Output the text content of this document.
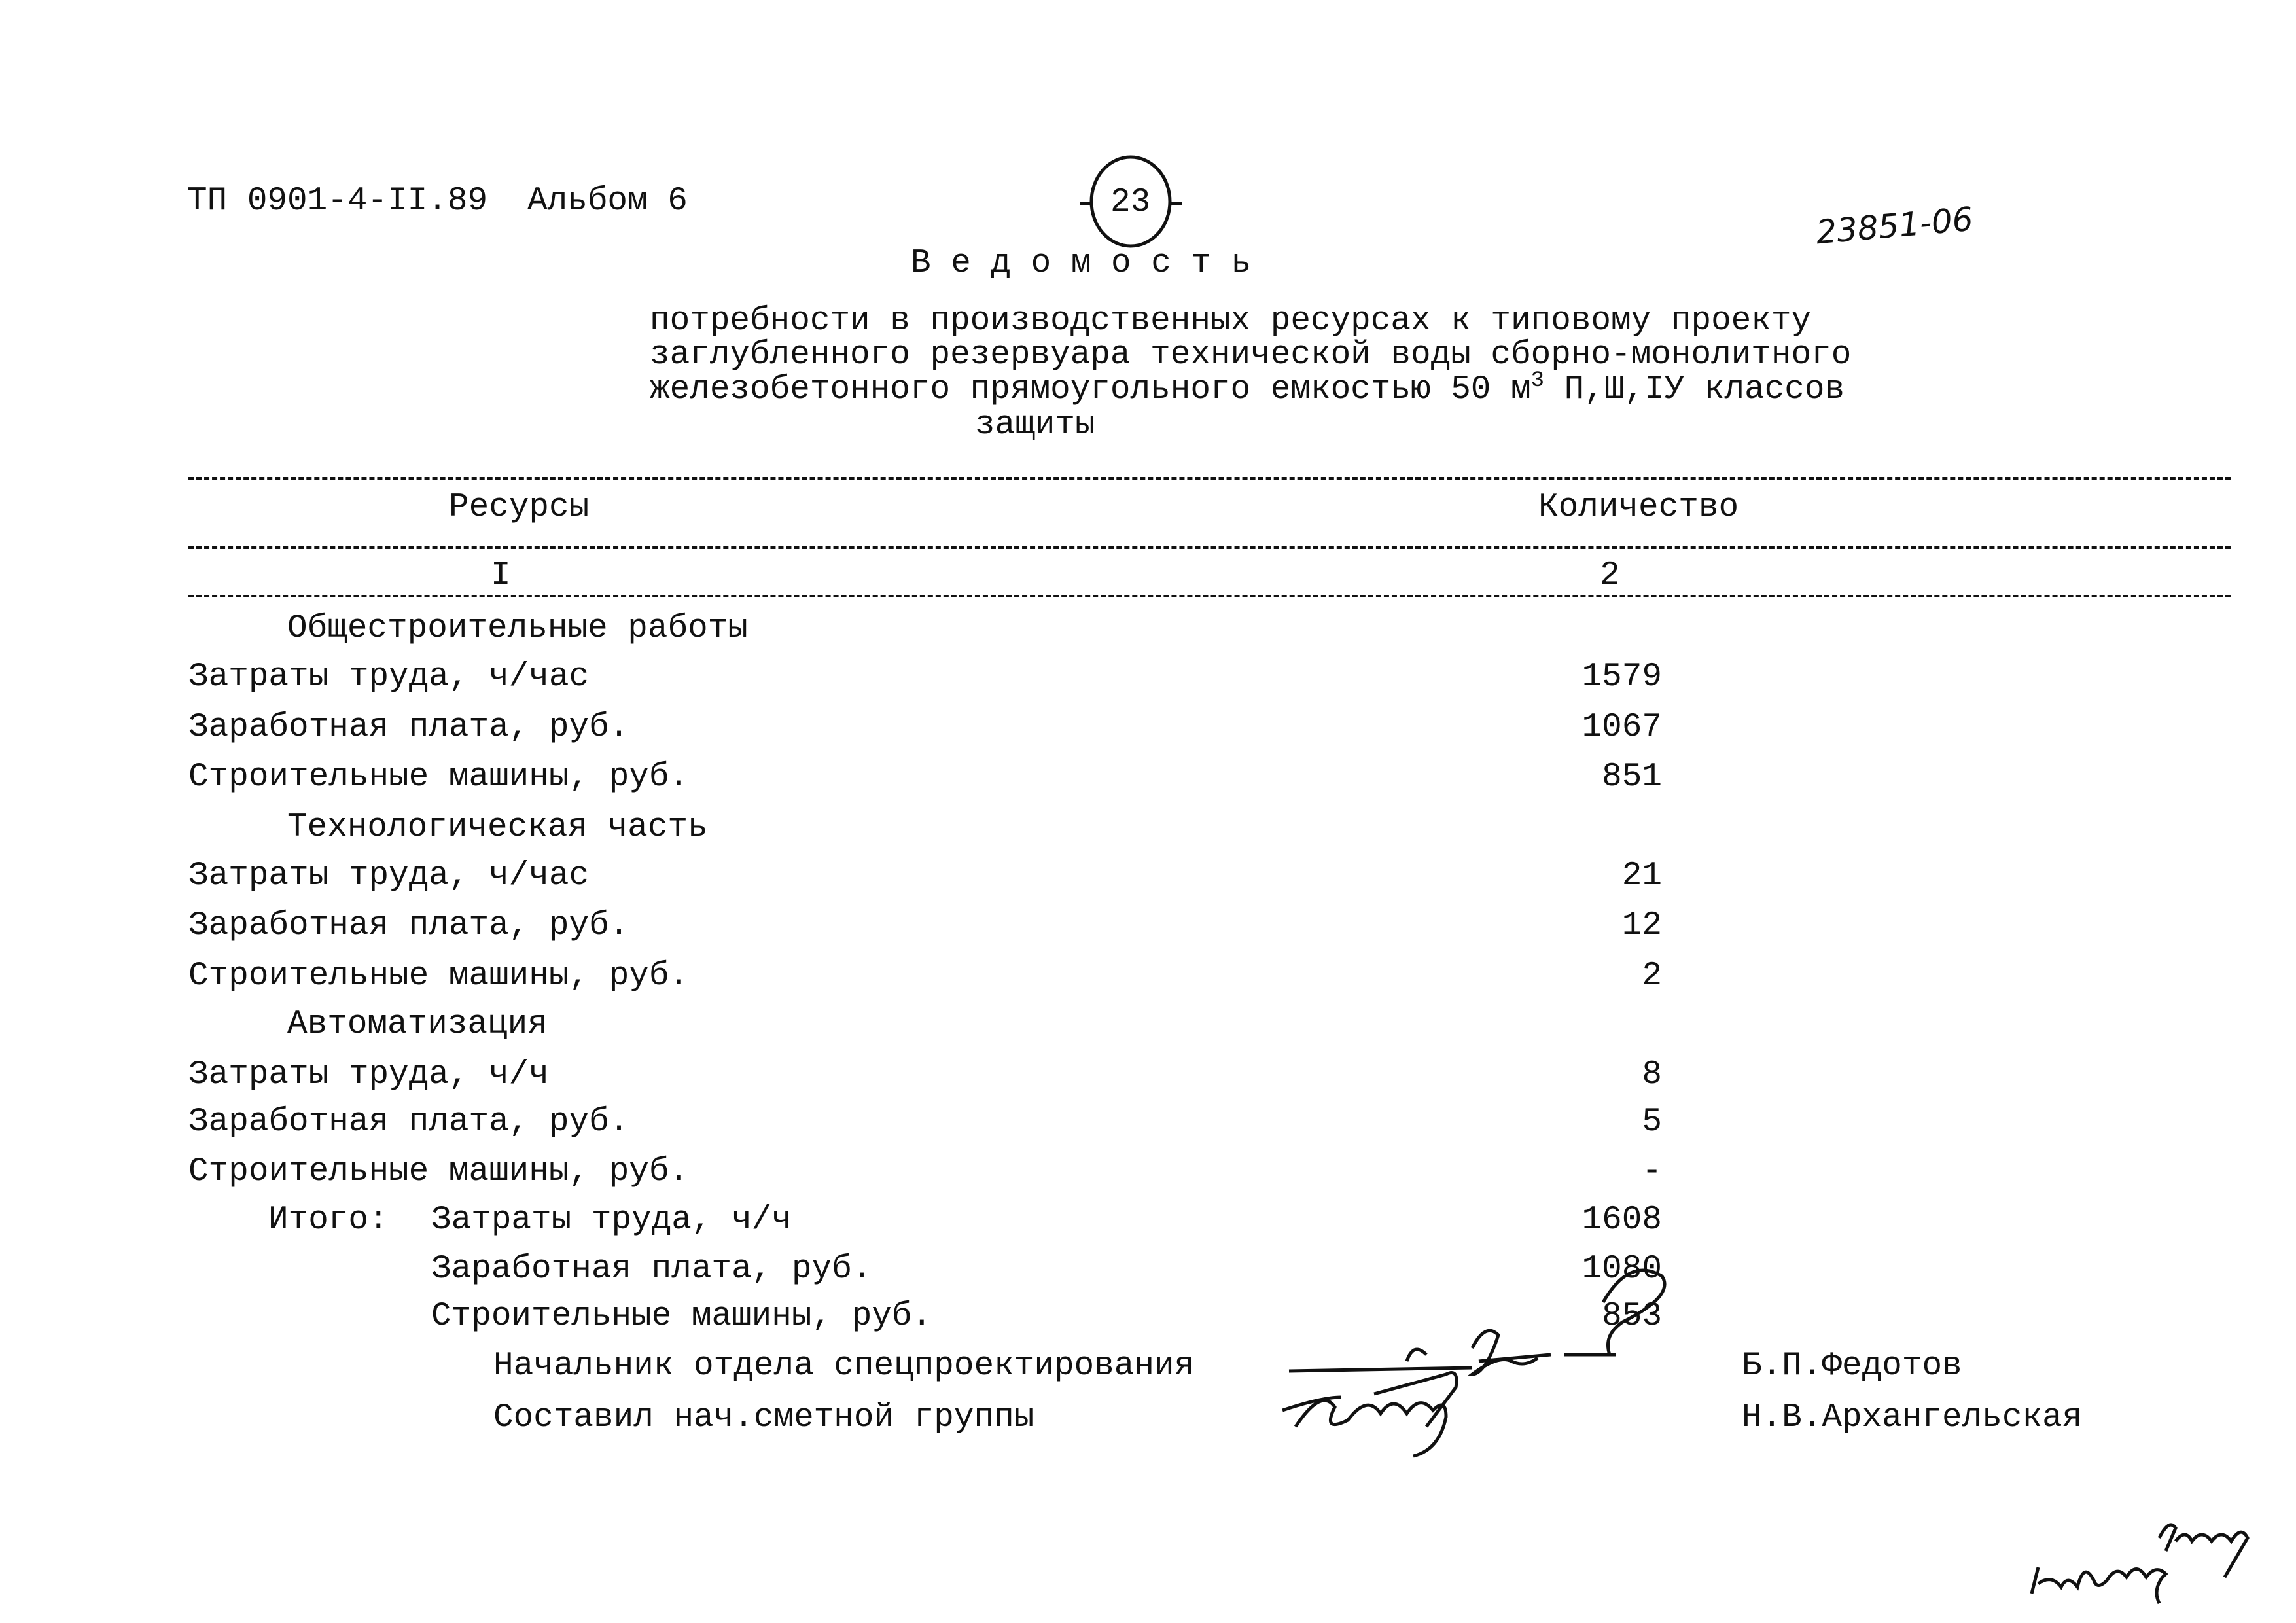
ТП 0901-4-II.89 Альбом 6	23	23851-06
В е д о м о с т ь
потребности в производственных ресурсах к типовому проекту
заглубленного резервуара технической воды сборно-монолитного
железобетонного прямоугольного емкостью 50 $м^3$ П,Ш,IУ классов
защиты
Ресурсы	Количество
I	2
Общестроительные работы
Затраты труда, ч/час	1579
Заработная плата, руб.	1067
Строительные машины, руб.	851
Технологическая часть
Затраты труда, ч/час	21
Заработная плата, руб.	12
Строительные машины, руб.	2
Автоматизация
Затраты труда, ч/ч	8
Заработная плата, руб.	5
Строительные машины, руб.	-
Итого: Затраты труда, ч/ч	1608
Заработная плата, руб.	1080
Строительные машины, руб.	853
Начальник отдела спецпроектирования	Б.П.Федотов
Составил нач.сметной группы	Н.В.Архангельская
